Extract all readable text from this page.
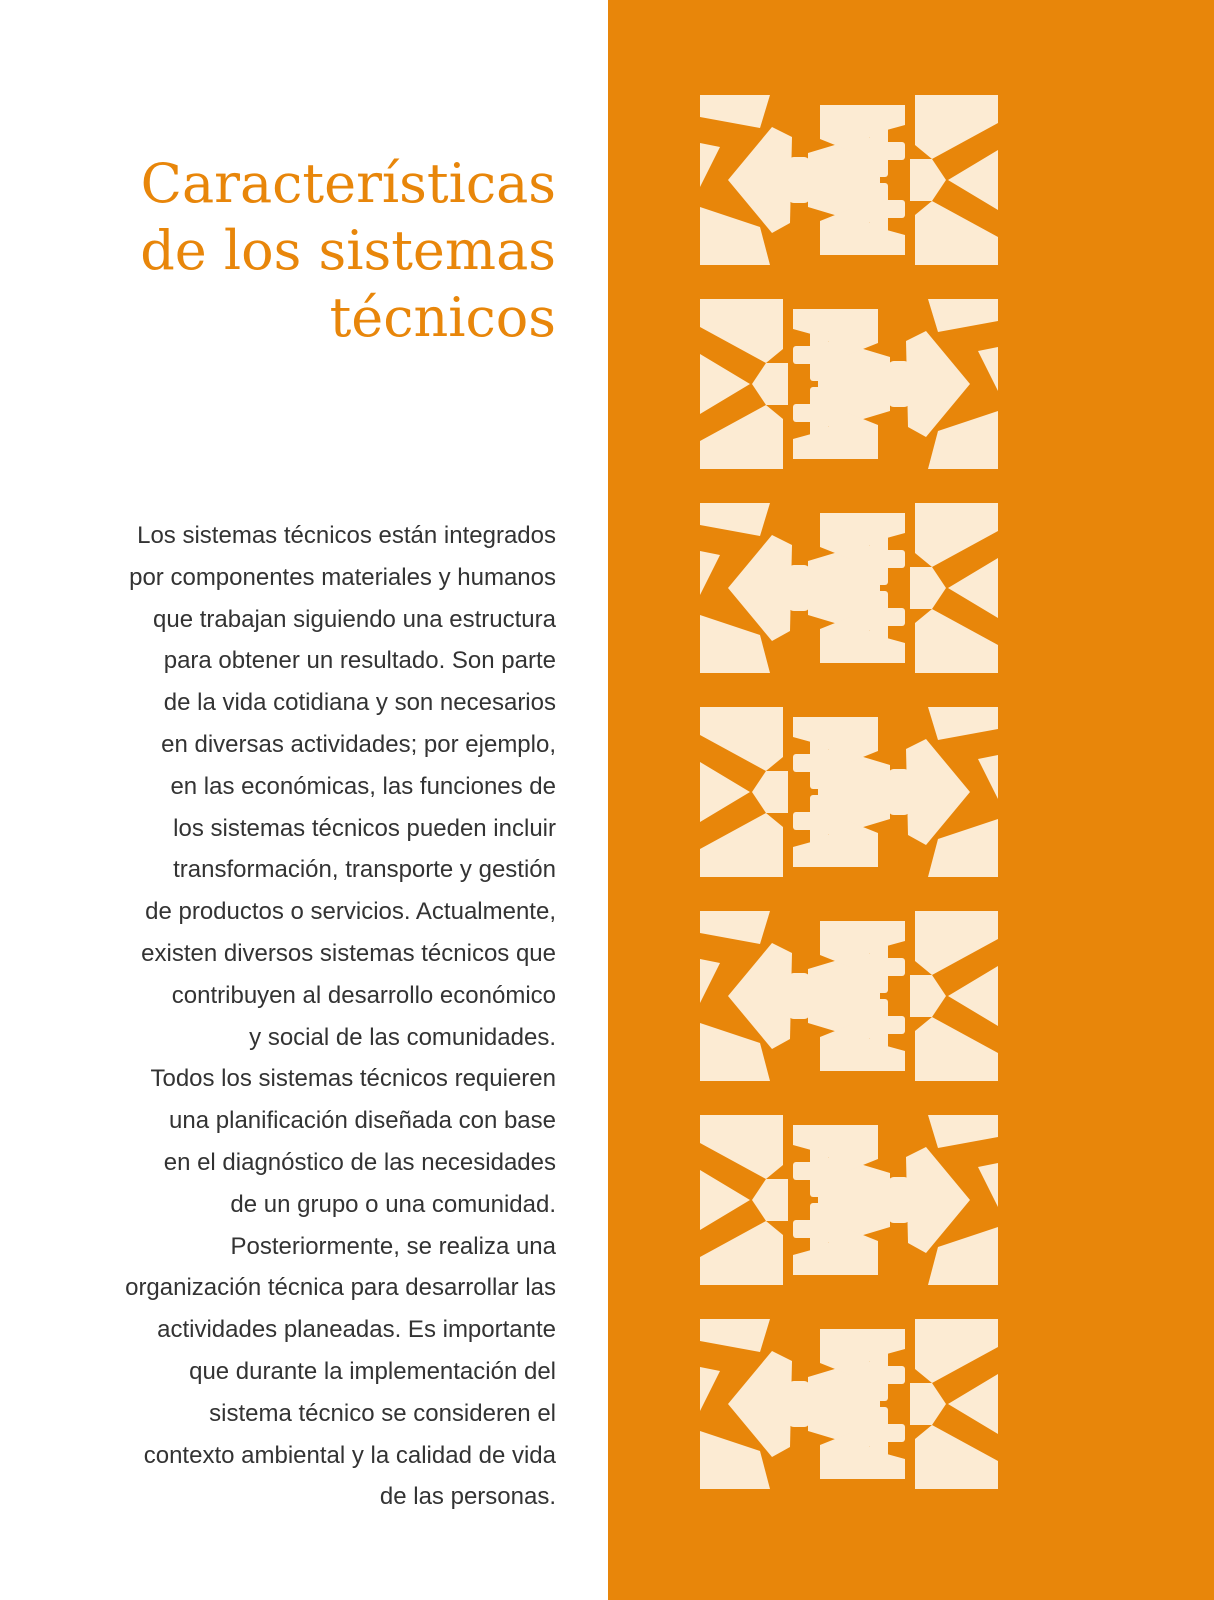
Características
de los sistemas
técnicos
Los sistemas técnicos están integrados
por componentes materiales y humanos
que trabajan siguiendo una estructura
para obtener un resultado. Son parte
de la vida cotidiana y son necesarios
en diversas actividades; por ejemplo,
en las económicas, las funciones de
los sistemas técnicos pueden incluir
transformación, transporte y gestión
de productos o servicios. Actualmente,
existen diversos sistemas técnicos que
contribuyen al desarrollo económico
y social de las comunidades.
Todos los sistemas técnicos requieren
una planificación diseñada con base
en el diagnóstico de las necesidades
de un grupo o una comunidad.
Posteriormente, se realiza una
organización técnica para desarrollar las
actividades planeadas. Es importante
que durante la implementación del
sistema técnico se consideren el
contexto ambiental y la calidad de vida
de las personas.
